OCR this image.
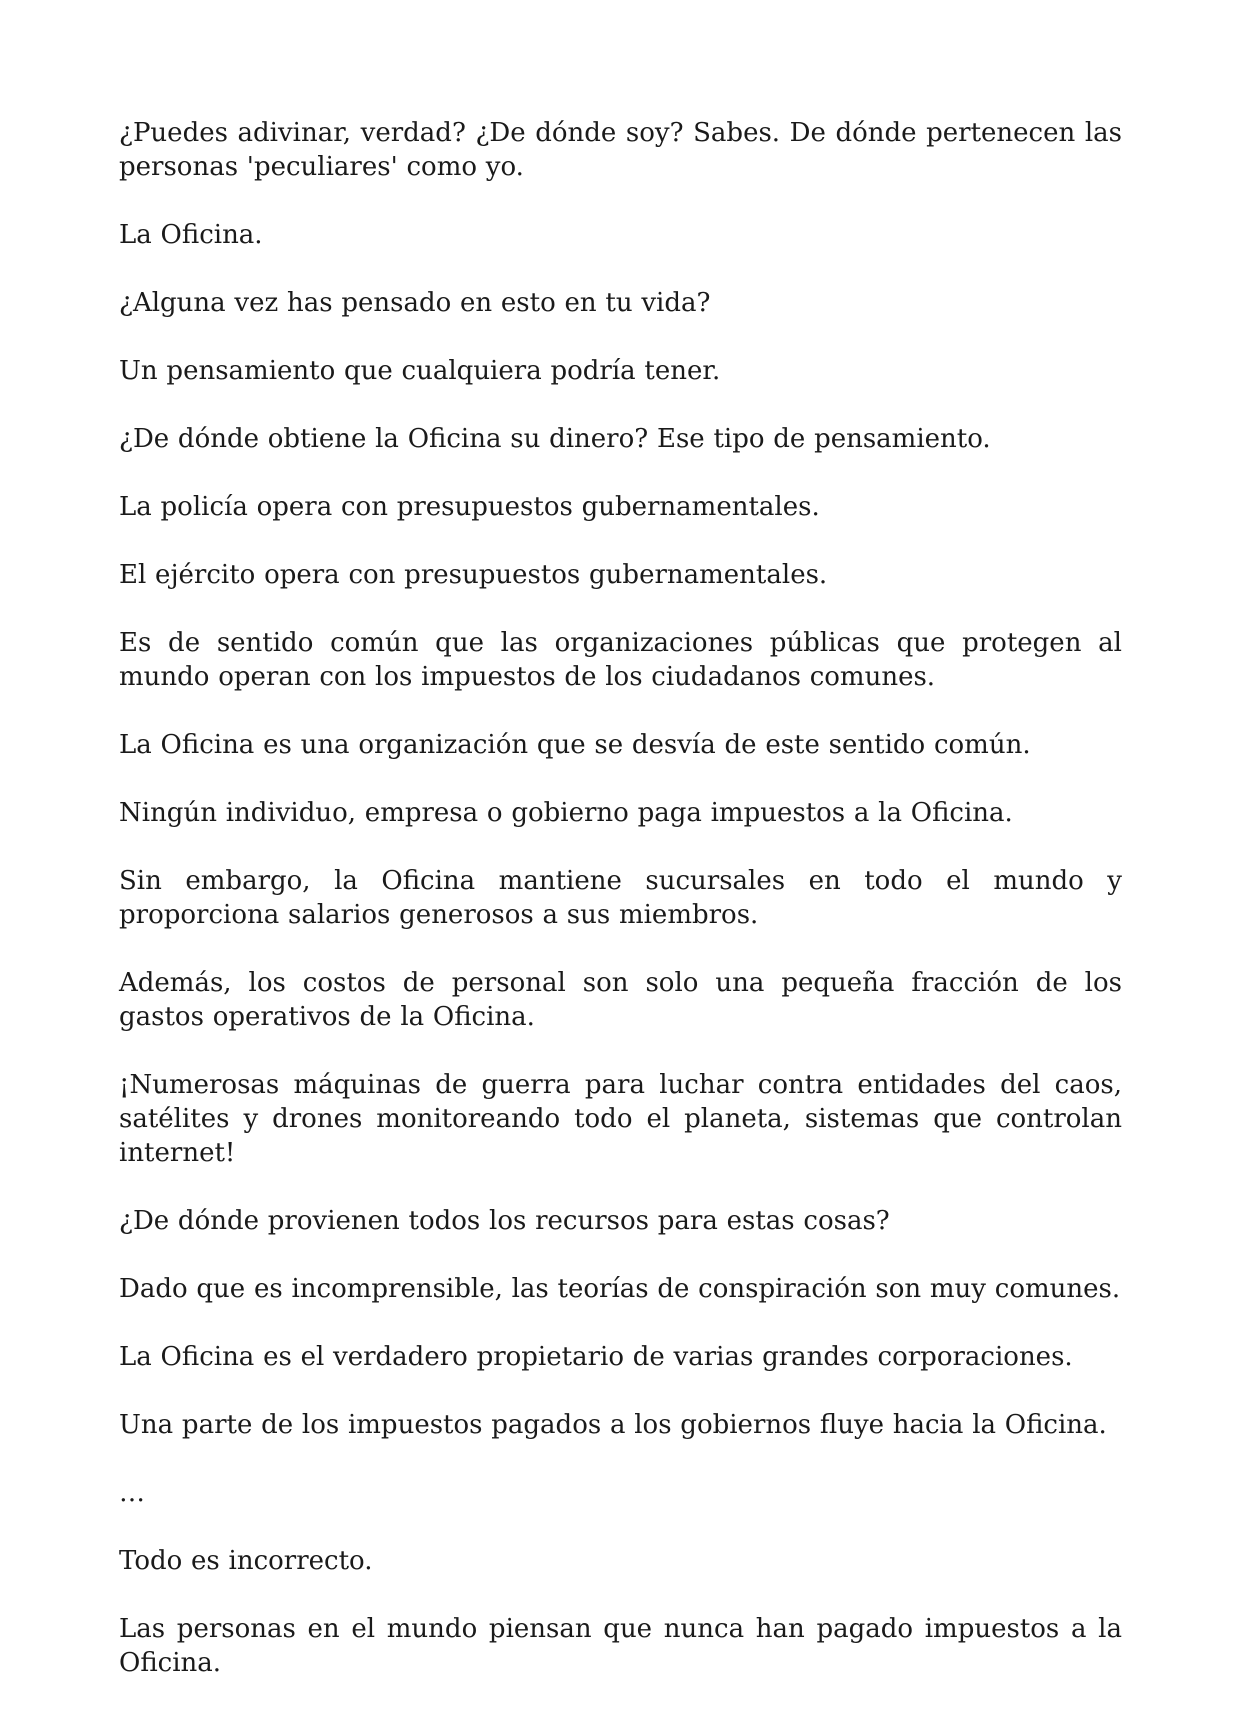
¿Puedes adivinar, verdad? ¿De dónde soy? Sabes. De dónde pertenecen las personas 'peculiares' como yo.

La Oficina.

¿Alguna vez has pensado en esto en tu vida?

Un pensamiento que cualquiera podría tener.

¿De dónde obtiene la Oficina su dinero? Ese tipo de pensamiento.

La policía opera con presupuestos gubernamentales.

El ejército opera con presupuestos gubernamentales.

Es de sentido común que las organizaciones públicas que protegen al mundo operan con los impuestos de los ciudadanos comunes.

La Oficina es una organización que se desvía de este sentido común.

Ningún individuo, empresa o gobierno paga impuestos a la Oficina.

Sin embargo, la Oficina mantiene sucursales en todo el mundo y proporciona salarios generosos a sus miembros.

Además, los costos de personal son solo una pequeña fracción de los gastos operativos de la Oficina.

¡Numerosas máquinas de guerra para luchar contra entidades del caos, satélites y drones monitoreando todo el planeta, sistemas que controlan internet!

¿De dónde provienen todos los recursos para estas cosas?

Dado que es incomprensible, las teorías de conspiración son muy comunes.

La Oficina es el verdadero propietario de varias grandes corporaciones.

Una parte de los impuestos pagados a los gobiernos fluye hacia la Oficina.

…

Todo es incorrecto.

Las personas en el mundo piensan que nunca han pagado impuestos a la Oficina.
